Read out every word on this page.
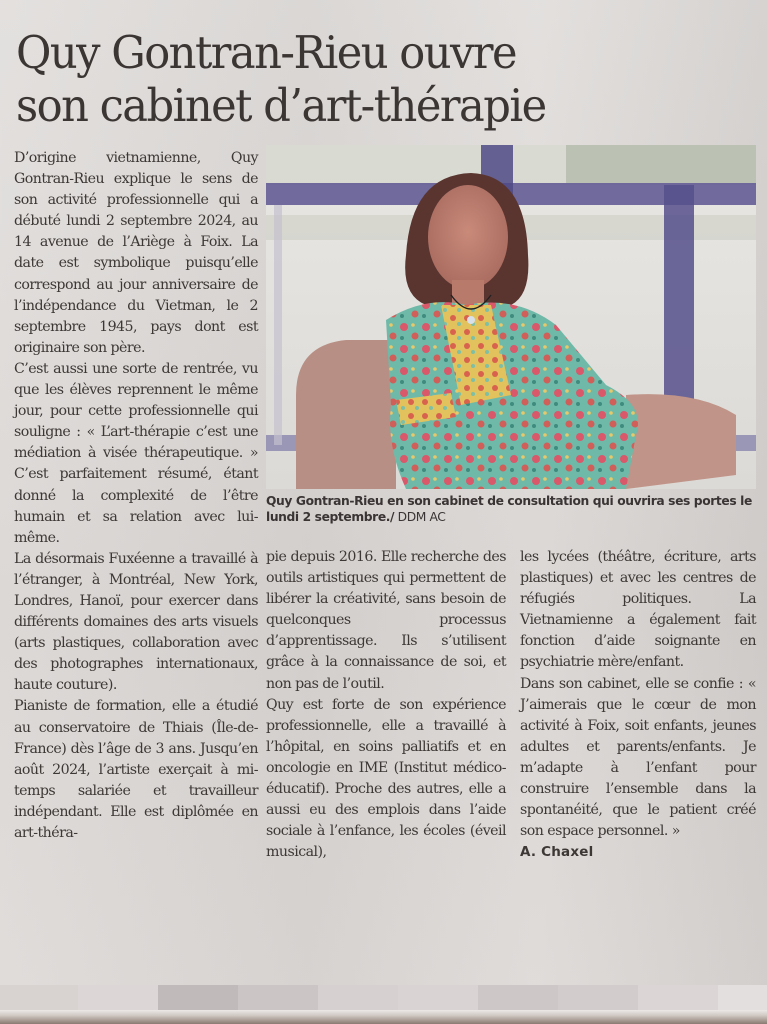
Quy Gontran-Rieu ouvre
son cabinet d’art-thérapie

D’origine vietnamienne, Quy Gontran-Rieu explique le sens de son activité professionnelle qui a débuté lundi 2 septembre 2024, au 14 avenue de l’Ariège à Foix. La date est symbolique puisqu’elle correspond au jour anniversaire de l’indépendance du Vietman, le 2 septembre 1945, pays dont est originaire son père.

C’est aussi une sorte de rentrée, vu que les élèves reprennent le même jour, pour cette professionnelle qui souligne : « L’art-thérapie c’est une médiation à visée thérapeutique. » C’est parfaitement résumé, étant donné la complexité de l’être humain et sa relation avec lui-même.

La désormais Fuxéenne a travaillé à l’étranger, à Montréal, New York, Londres, Hanoï, pour exercer dans différents domaines des arts visuels (arts plastiques, collaboration avec des photographes internationaux, haute couture).

Pianiste de formation, elle a étudié au conservatoire de Thiais (Île-de-France) dès l’âge de 3 ans. Jusqu’en août 2024, l’artiste exerçait à mi-temps salariée et travailleur indépendant. Elle est diplômée en art-théra-

Quy Gontran-Rieu en son cabinet de consultation qui ouvrira ses portes le lundi 2 septembre./ DDM AC

pie depuis 2016. Elle recherche des outils artistiques qui permettent de libérer la créativité, sans besoin de quelconques processus d’apprentissage. Ils s’utilisent grâce à la connaissance de soi, et non pas de l’outil.

Quy est forte de son expérience professionnelle, elle a travaillé à l’hôpital, en soins palliatifs et en oncologie en IME (Institut médico-éducatif). Proche des autres, elle a aussi eu des emplois dans l’aide sociale à l’enfance, les écoles (éveil musical),

les lycées (théâtre, écriture, arts plastiques) et avec les centres de réfugiés politiques. La Vietnamienne a également fait fonction d’aide soignante en psychiatrie mère/enfant.

Dans son cabinet, elle se confie : « J’aimerais que le cœur de mon activité à Foix, soit enfants, jeunes adultes et parents/enfants. Je m’adapte à l’enfant pour construire l’ensemble dans la spontanéité, que le patient créé son espace personnel. »

A. Chaxel
